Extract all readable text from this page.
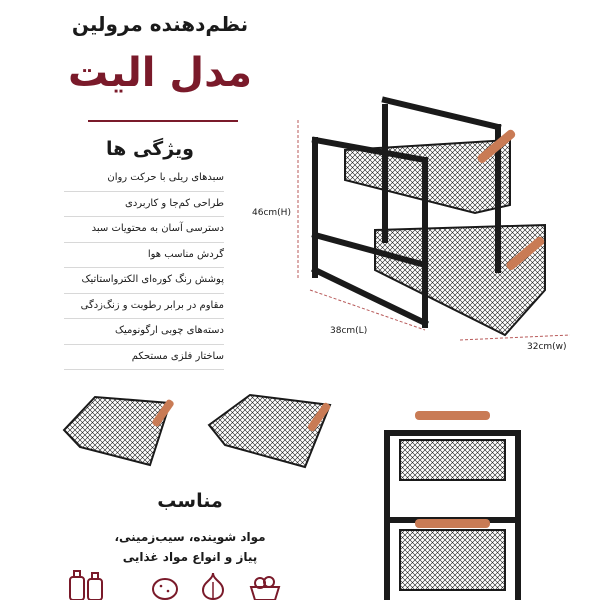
نظم‌دهنده مرولین
مدل الیت
ویژگی ها
سبدهای ریلی با حرکت روان
طراحی کم‌جا و کاربردی
دسترسی آسان به محتویات سبد
گردش مناسب هوا
پوشش رنگ کوره‌ای الکترواستاتیک
مقاوم در برابر رطوبت و زنگ‌زدگی
دسته‌های چوبی ارگونومیک
ساختار فلزی مستحکم
46cm(H)
38cm(L)
32cm(w)
مناسب
مواد شوینده، سیب‌زمینی،
پیاز و انواع مواد غذایی
